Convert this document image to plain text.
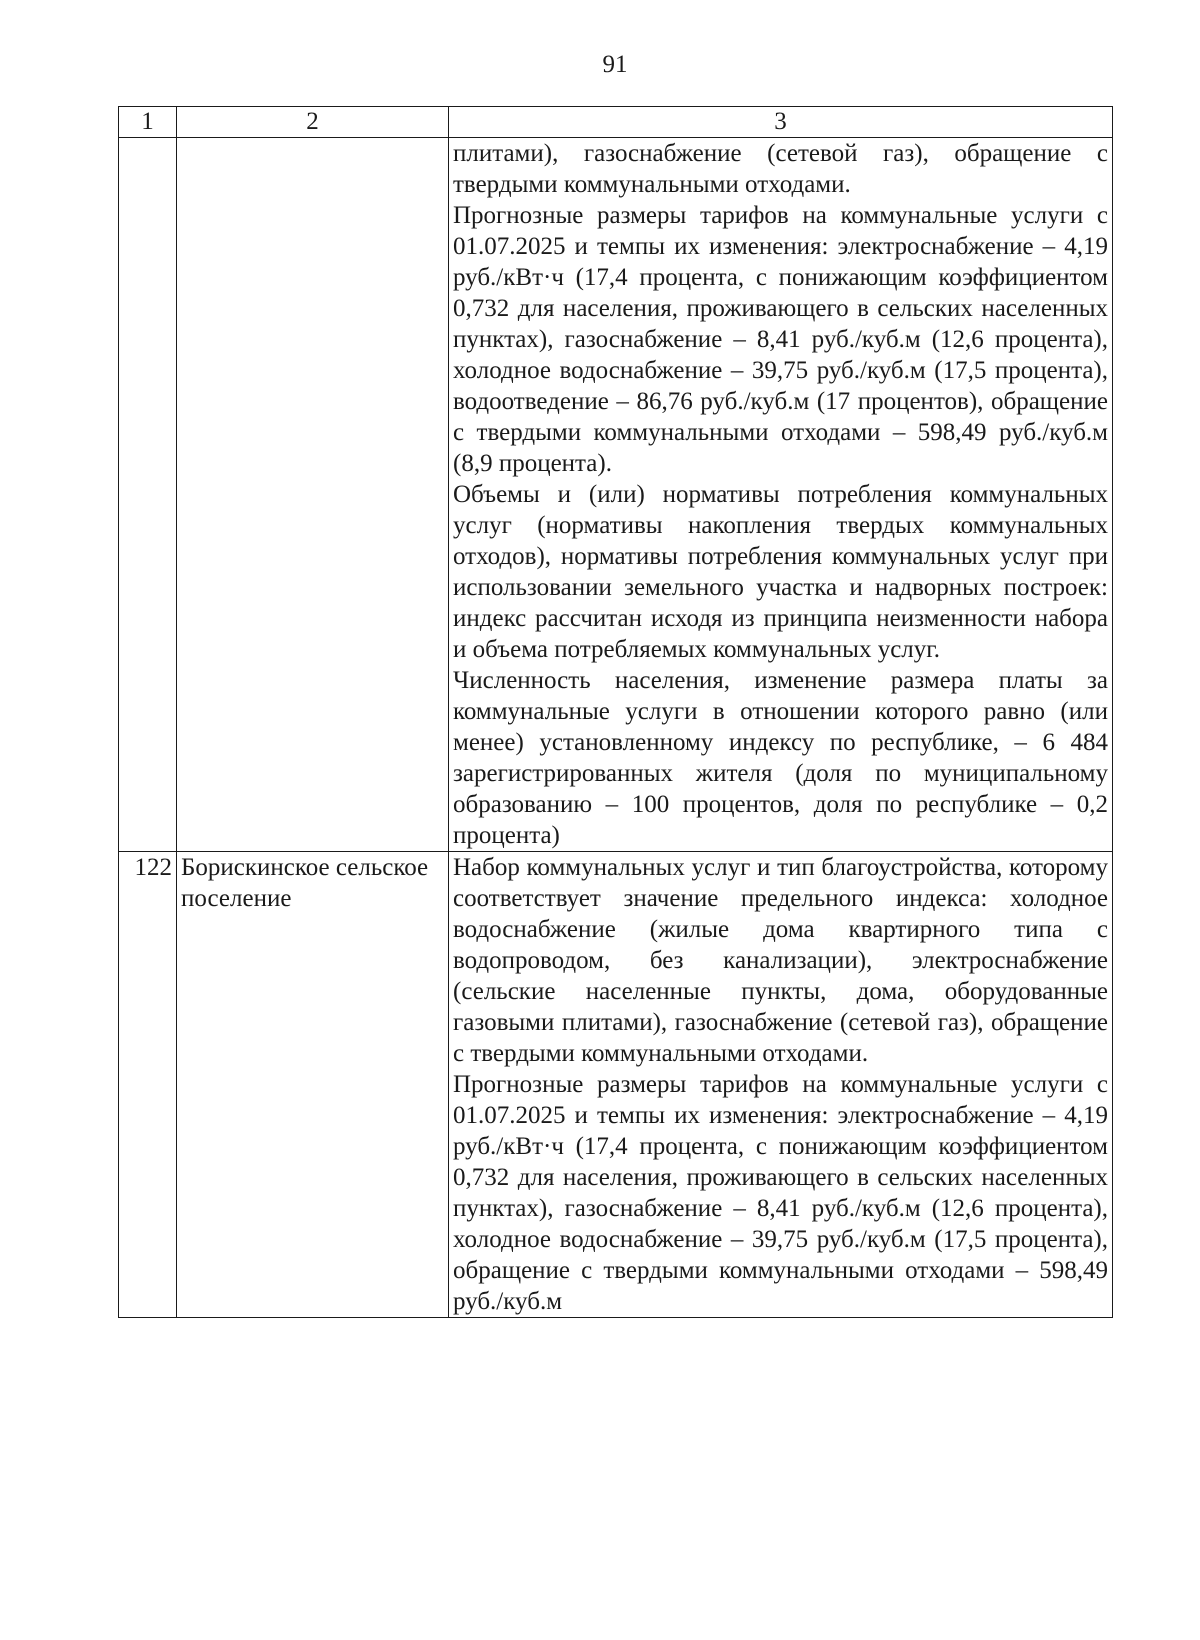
91
1	2	3

		плитами), газоснабжение (сетевой газ), обращение с твердыми коммунальными отходами.
Прогнозные размеры тарифов на коммунальные услуги с 01.07.2025 и темпы их изменения: электроснабжение – 4,19 руб./кВт·ч (17,4 процента, с понижающим коэффициентом 0,732 для населения, проживающего в сельских населенных пунктах), газоснабжение – 8,41 руб./куб.м (12,6 процента), холодное водоснабжение – 39,75 руб./куб.м (17,5 процента), водоотведение – 86,76 руб./куб.м (17 процентов), обращение с твердыми коммунальными отходами – 598,49 руб./куб.м (8,9 процента).
Объемы и (или) нормативы потребления коммунальных услуг (нормативы накопления твердых коммунальных отходов), нормативы потребления коммунальных услуг при использовании земельного участка и надворных построек: индекс рассчитан исходя из принципа неизменности набора и объема потребляемых коммунальных услуг.
Численность населения, изменение размера платы за коммунальные услуги в отношении которого равно (или менее) установленному индексу по республике, – 6 484 зарегистрированных жителя (доля по муниципальному образованию – 100 процентов, доля по республике – 0,2 процента)

122	Борискинское сельское поселение	Набор коммунальных услуг и тип благоустройства, которому соответствует значение предельного индекса: холодное водоснабжение (жилые дома квартирного типа с водопроводом, без канализации), электроснабжение (сельские населенные пункты, дома, оборудованные газовыми плитами), газоснабжение (сетевой газ), обращение с твердыми коммунальными отходами.
Прогнозные размеры тарифов на коммунальные услуги с 01.07.2025 и темпы их изменения: электроснабжение – 4,19 руб./кВт·ч (17,4 процента, с понижающим коэффициентом 0,732 для населения, проживающего в сельских населенных пунктах), газоснабжение – 8,41 руб./куб.м (12,6 процента), холодное водоснабжение – 39,75 руб./куб.м (17,5 процента), обращение с твердыми коммунальными отходами – 598,49 руб./куб.м
